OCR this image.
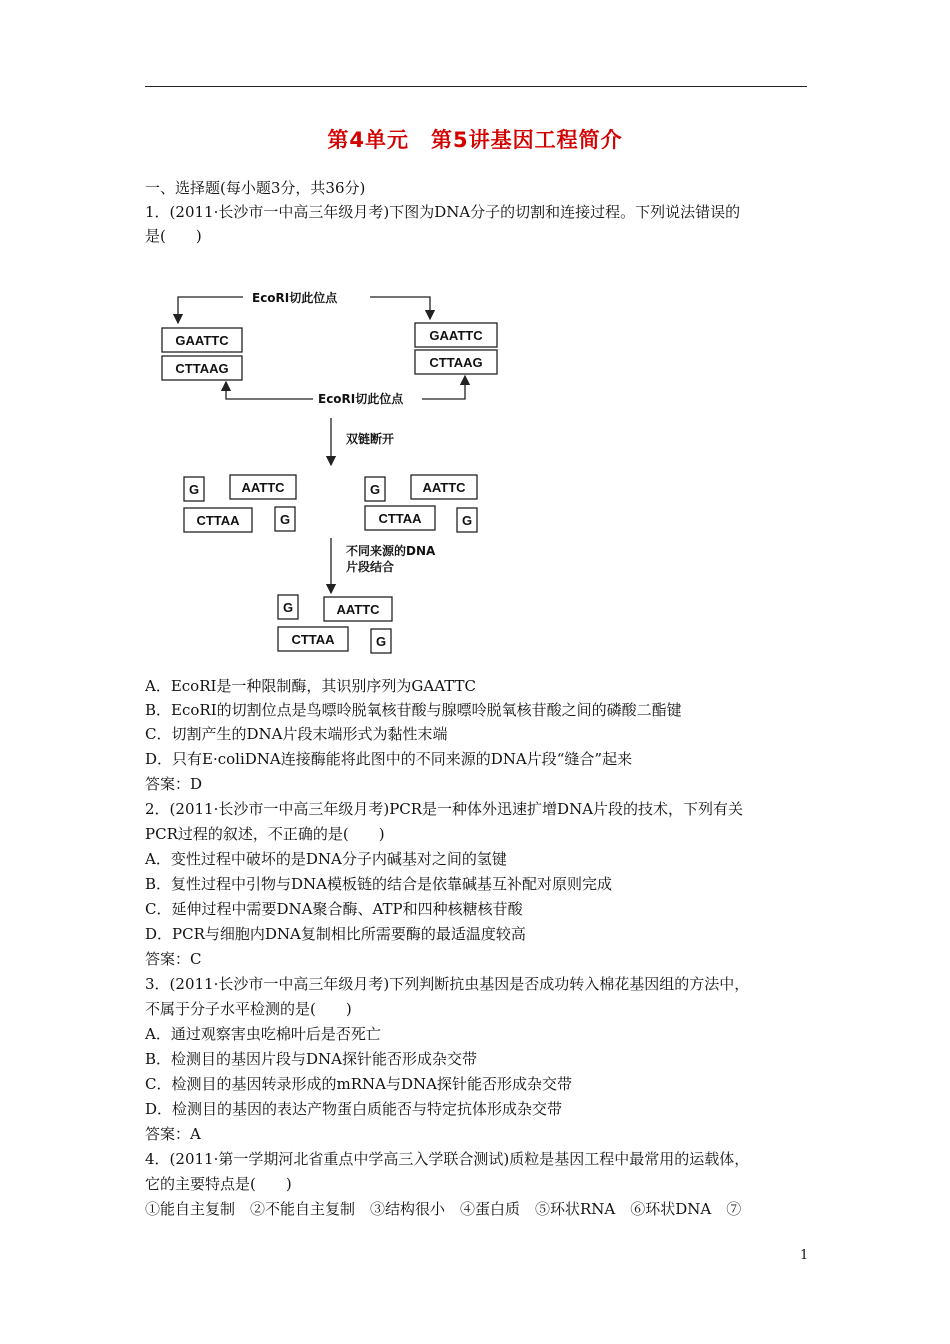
第4单元　第5讲基因工程简介
一、选择题(每小题3分，共36分)
1．(2011·长沙市一中高三年级月考)下图为DNA分子的切割和连接过程。下列说法错误的
是(　　)
A．EcoRⅠ是一种限制酶，其识别序列为GAATTC
B．EcoRⅠ的切割位点是鸟嘌呤脱氧核苷酸与腺嘌呤脱氧核苷酸之间的磷酸二酯键
C．切割产生的DNA片段末端形式为黏性末端
D．只有E·coliDNA连接酶能将此图中的不同来源的DNA片段“缝合”起来
答案：D
2．(2011·长沙市一中高三年级月考)PCR是一种体外迅速扩增DNA片段的技术，下列有关
PCR过程的叙述，不正确的是(　　)
A．变性过程中破坏的是DNA分子内碱基对之间的氢键
B．复性过程中引物与DNA模板链的结合是依靠碱基互补配对原则完成
C．延伸过程中需要DNA聚合酶、ATP和四种核糖核苷酸
D．PCR与细胞内DNA复制相比所需要酶的最适温度较高
答案：C
3．(2011·长沙市一中高三年级月考)下列判断抗虫基因是否成功转入棉花基因组的方法中，
不属于分子水平检测的是(　　)
A．通过观察害虫吃棉叶后是否死亡
B．检测目的基因片段与DNA探针能否形成杂交带
C．检测目的基因转录形成的mRNA与DNA探针能否形成杂交带
D．检测目的基因的表达产物蛋白质能否与特定抗体形成杂交带
答案：A
4．(2011·第一学期河北省重点中学高三入学联合测试)质粒是基因工程中最常用的运载体，
它的主要特点是(　　)
①能自主复制　②不能自主复制　③结构很小　④蛋白质　⑤环状RNA　⑥环状DNA　⑦
EcoRⅠ切此位点
GAATTC
CTTAAG
GAATTC
CTTAAG
EcoRⅠ切此位点
双链断开
G	AATTC
CTTAA	G
G	AATTC
CTTAA	G
不同来源的DNA
片段结合
G	AATTC
CTTAA	G
1
